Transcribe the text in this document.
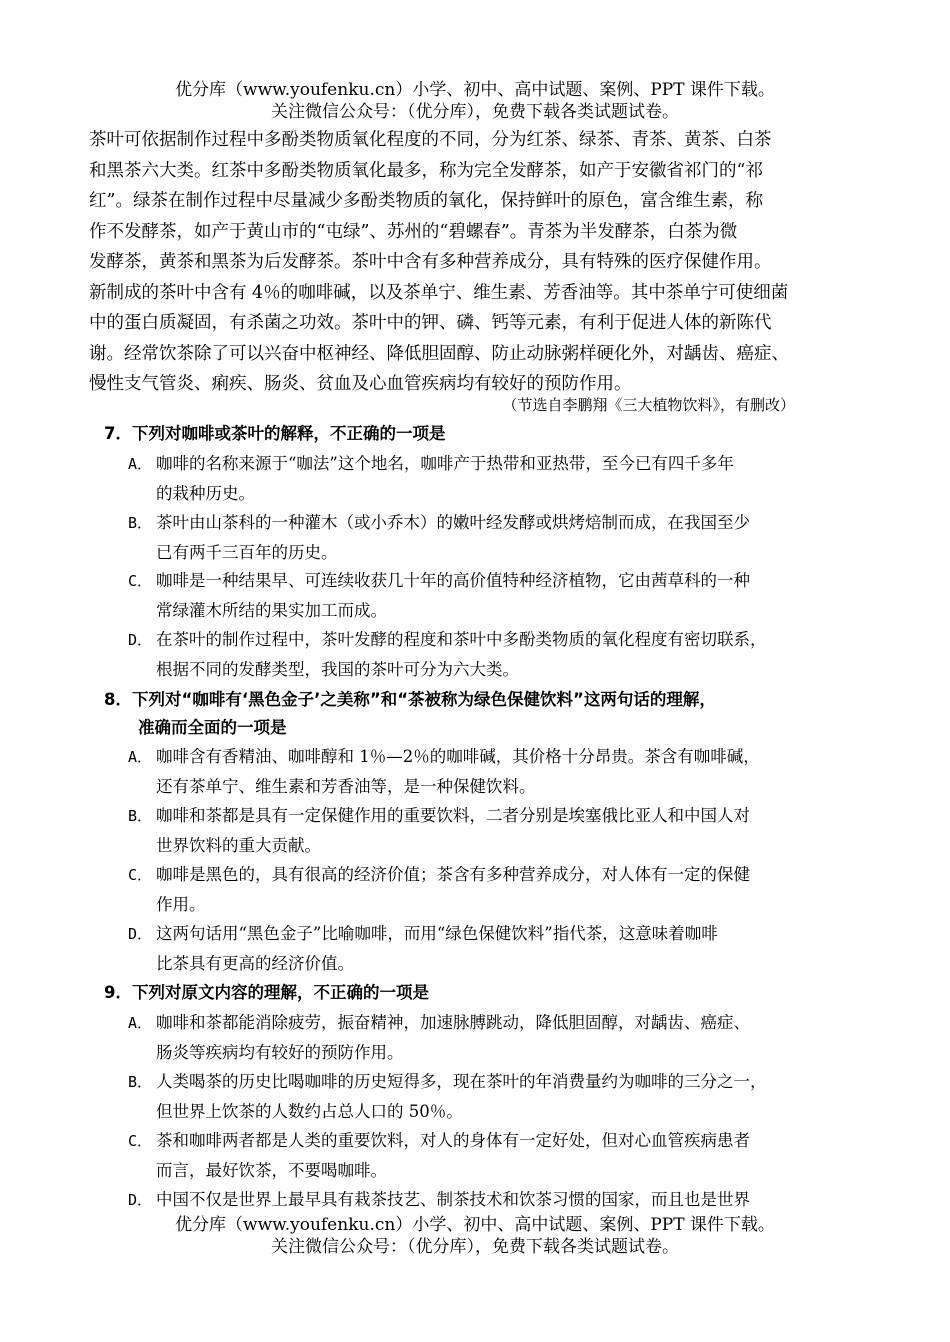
优分库（www.youfenku.cn）小学、初中、高中试题、案例、PPT 课件下载。
关注微信公众号：（优分库），免费下载各类试题试卷。
茶叶可依据制作过程中多酚类物质氧化程度的不同，分为红茶、绿茶、青茶、黄茶、白茶
和黑茶六大类。红茶中多酚类物质氧化最多，称为完全发酵茶，如产于安徽省祁门的“祁
红”。绿茶在制作过程中尽量减少多酚类物质的氧化，保持鲜叶的原色，富含维生素，称
作不发酵茶，如产于黄山市的“屯绿”、苏州的“碧螺春”。青茶为半发酵茶，白茶为微
发酵茶，黄茶和黑茶为后发酵茶。茶叶中含有多种营养成分，具有特殊的医疗保健作用。
新制成的茶叶中含有 4％的咖啡碱，以及茶单宁、维生素、芳香油等。其中茶单宁可使细菌
中的蛋白质凝固，有杀菌之功效。茶叶中的钾、磷、钙等元素，有利于促进人体的新陈代
谢。经常饮茶除了可以兴奋中枢神经、降低胆固醇、防止动脉粥样硬化外，对龋齿、癌症、
慢性支气管炎、痢疾、肠炎、贫血及心血管疾病均有较好的预防作用。
（节选自李鹏翔《三大植物饮料》，有删改）
7．下列对咖啡或茶叶的解释，不正确的一项是
A． 咖啡的名称来源于“咖法”这个地名，咖啡产于热带和亚热带，至今已有四千多年
的栽种历史。
B． 茶叶由山茶科的一种灌木（或小乔木）的嫩叶经发酵或烘烤焙制而成，在我国至少
已有两千三百年的历史。
C． 咖啡是一种结果早、可连续收获几十年的高价值特种经济植物，它由茜草科的一种
常绿灌木所结的果实加工而成。
D． 在茶叶的制作过程中，茶叶发酵的程度和茶叶中多酚类物质的氧化程度有密切联系，
根据不同的发酵类型，我国的茶叶可分为六大类。
8．下列对“咖啡有‘黑色金子’之美称”和“茶被称为绿色保健饮料”这两句话的理解，
准确而全面的一项是
A． 咖啡含有香精油、咖啡醇和 1％—2％的咖啡碱，其价格十分昂贵。茶含有咖啡碱，
还有茶单宁、维生素和芳香油等，是一种保健饮料。
B． 咖啡和茶都是具有一定保健作用的重要饮料，二者分别是埃塞俄比亚人和中国人对
世界饮料的重大贡献。
C． 咖啡是黑色的，具有很高的经济价值；茶含有多种营养成分，对人体有一定的保健
作用。
D． 这两句话用“黑色金子”比喻咖啡，而用“绿色保健饮料”指代茶，这意味着咖啡
比茶具有更高的经济价值。
9．下列对原文内容的理解，不正确的一项是
A． 咖啡和茶都能消除疲劳，振奋精神，加速脉膊跳动，降低胆固醇，对龋齿、癌症、
肠炎等疾病均有较好的预防作用。
B． 人类喝茶的历史比喝咖啡的历史短得多，现在茶叶的年消费量约为咖啡的三分之一，
但世界上饮茶的人数约占总人口的 50％。
C． 茶和咖啡两者都是人类的重要饮料，对人的身体有一定好处，但对心血管疾病患者
而言，最好饮茶，不要喝咖啡。
D． 中国不仅是世界上最早具有栽茶技艺、制茶技术和饮茶习惯的国家，而且也是世界
优分库（www.youfenku.cn）小学、初中、高中试题、案例、PPT 课件下载。
关注微信公众号：（优分库），免费下载各类试题试卷。
